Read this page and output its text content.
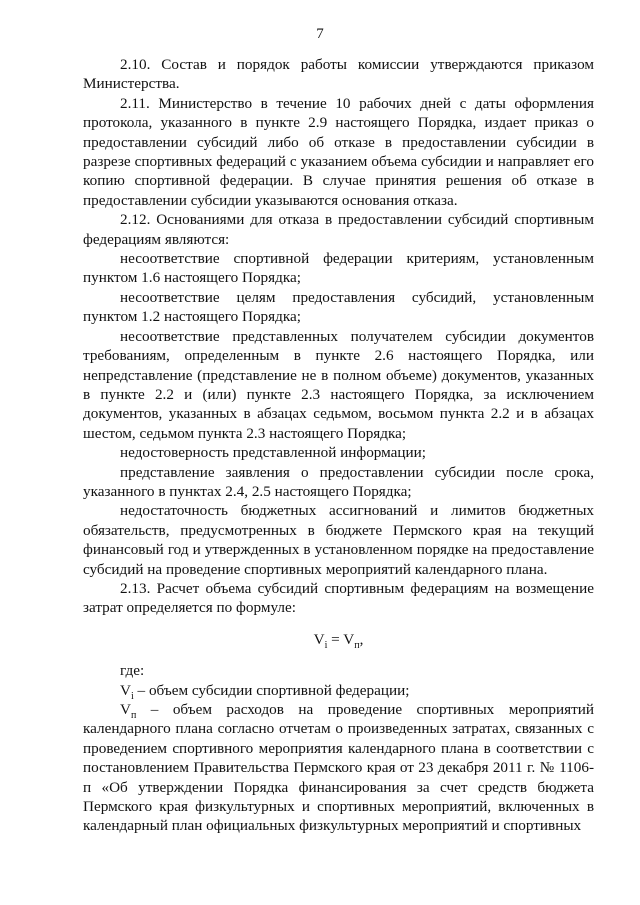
7

2.10. Состав и порядок работы комиссии утверждаются приказом Министерства.

2.11. Министерство в течение 10 рабочих дней с даты оформления протокола, указанного в пункте 2.9 настоящего Порядка, издает приказ о предоставлении субсидий либо об отказе в предоставлении субсидии в разрезе спортивных федераций с указанием объема субсидии и направляет его копию спортивной федерации. В случае принятия решения об отказе в предоставлении субсидии указываются основания отказа.

2.12. Основаниями для отказа в предоставлении субсидий спортивным федерациям являются:

несоответствие спортивной федерации критериям, установленным пунктом 1.6 настоящего Порядка;

несоответствие целям предоставления субсидий, установленным пунктом 1.2 настоящего Порядка;

несоответствие представленных получателем субсидии документов требованиям, определенным в пункте 2.6 настоящего Порядка, или непредставление (представление не в полном объеме) документов, указанных в пункте 2.2 и (или) пункте 2.3 настоящего Порядка, за исключением документов, указанных в абзацах седьмом, восьмом пункта 2.2 и в абзацах шестом, седьмом пункта 2.3 настоящего Порядка;

недостоверность представленной информации;

представление заявления о предоставлении субсидии после срока, указанного в пунктах 2.4, 2.5 настоящего Порядка;

недостаточность бюджетных ассигнований и лимитов бюджетных обязательств, предусмотренных в бюджете Пермского края на текущий финансовый год и утвержденных в установленном порядке на предоставление субсидий на проведение спортивных мероприятий календарного плана.

2.13. Расчет объема субсидий спортивным федерациям на возмещение затрат определяется по формуле:

$V_i = V_п$,

где:

$V_i$ – объем субсидии спортивной федерации;

$V_п$ – объем расходов на проведение спортивных мероприятий календарного плана согласно отчетам о произведенных затратах, связанных с проведением спортивного мероприятия календарного плана в соответствии с постановлением Правительства Пермского края от 23 декабря 2011 г. № 1106-п «Об утверждении Порядка финансирования за счет средств бюджета Пермского края физкультурных и спортивных мероприятий, включенных в календарный план официальных физкультурных мероприятий и спортивных
